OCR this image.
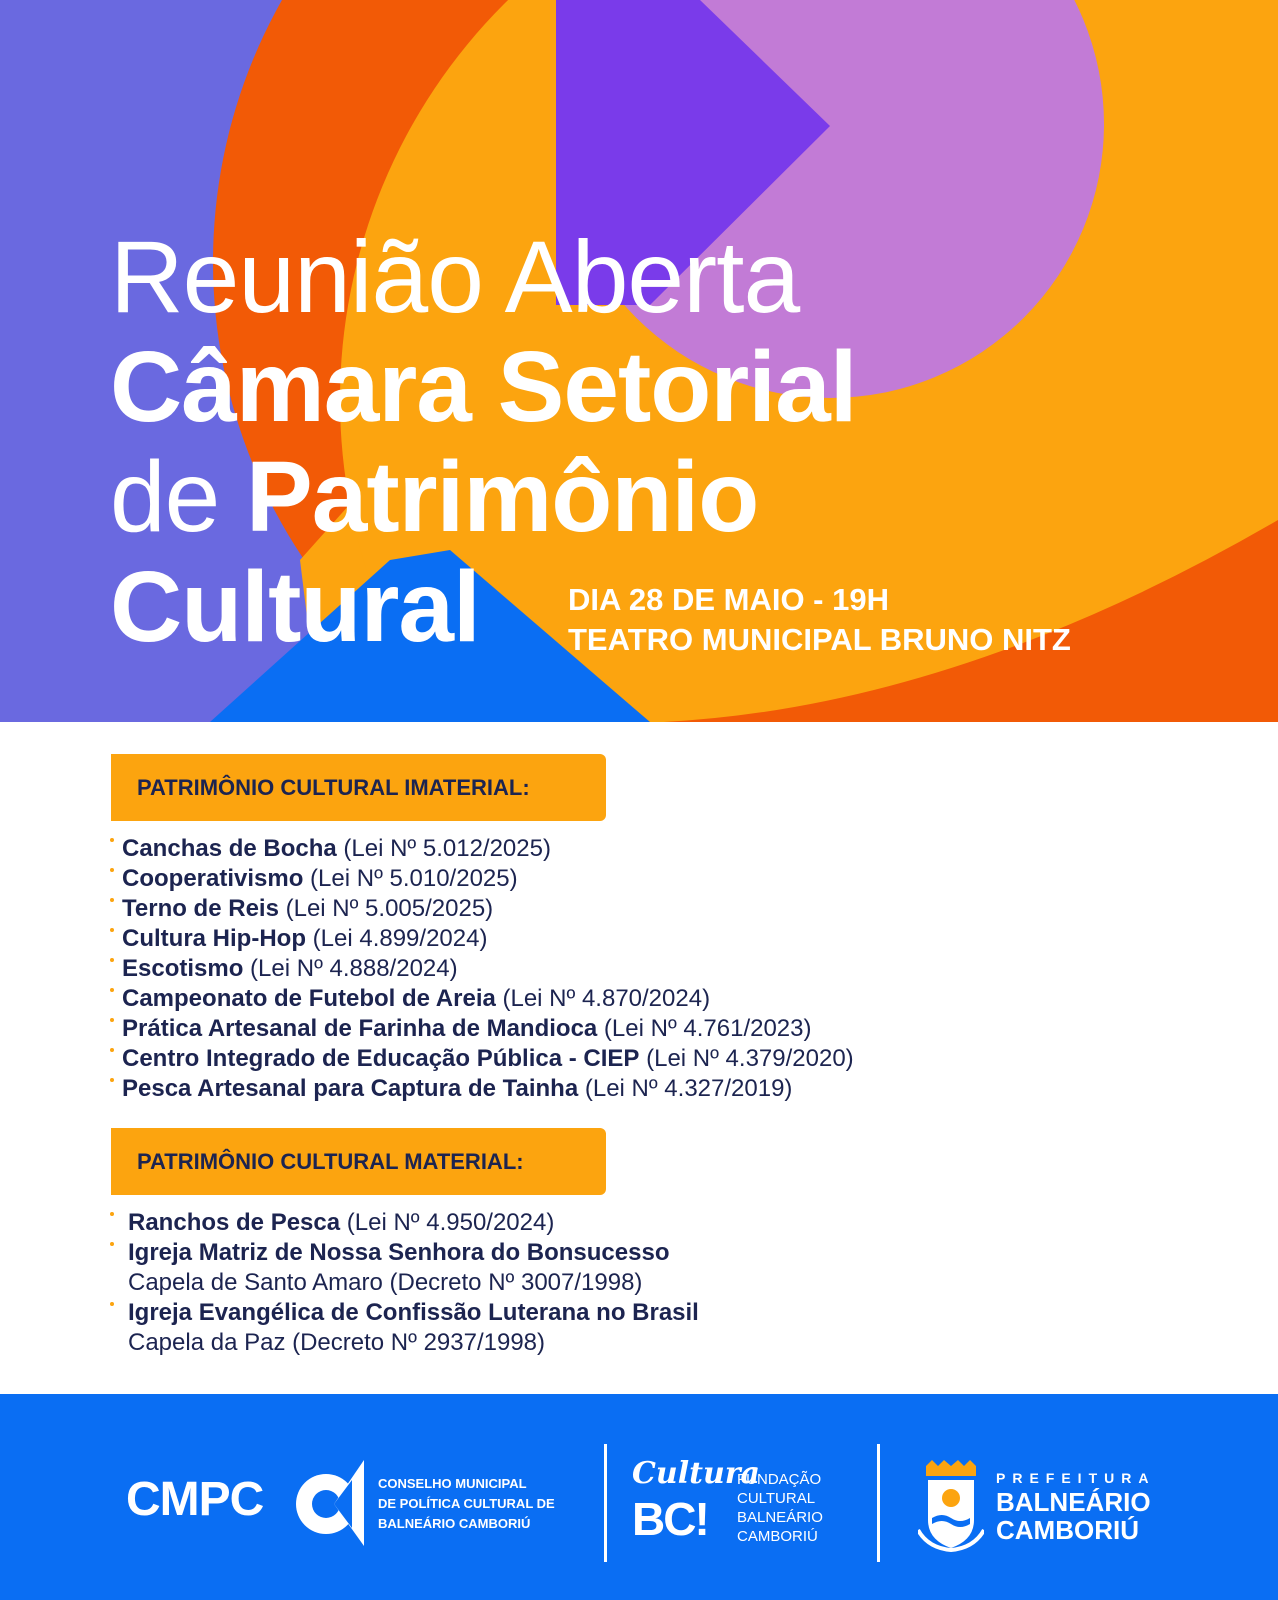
Reunião Aberta
Câmara Setorial
de Patrimônio
Cultural	DIA 28 DE MAIO - 19H
TEATRO MUNICIPAL BRUNO NITZ
PATRIMÔNIO CULTURAL IMATERIAL:
Canchas de Bocha (Lei Nº 5.012/2025)
Cooperativismo (Lei Nº 5.010/2025)
Terno de Reis (Lei Nº 5.005/2025)
Cultura Hip-Hop (Lei 4.899/2024)
Escotismo (Lei Nº 4.888/2024)
Campeonato de Futebol de Areia (Lei Nº 4.870/2024)
Prática Artesanal de Farinha de Mandioca (Lei Nº 4.761/2023)
Centro Integrado de Educação Pública - CIEP (Lei Nº 4.379/2020)
Pesca Artesanal para Captura de Tainha (Lei Nº 4.327/2019)
PATRIMÔNIO CULTURAL MATERIAL:
Ranchos de Pesca (Lei Nº 4.950/2024)
Igreja Matriz de Nossa Senhora do Bonsucesso
Capela de Santo Amaro (Decreto Nº 3007/1998)
Igreja Evangélica de Confissão Luterana no Brasil
Capela da Paz (Decreto Nº 2937/1998)
CMPC	CONSELHO MUNICIPAL
DE POLÍTICA CULTURAL DE
BALNEÁRIO CAMBORIÚ
Cultura
BC!
FUNDAÇÃO
CULTURAL
BALNEÁRIO
CAMBORIÚ
PREFEITURA
BALNEÁRIO
CAMBORIÚ
